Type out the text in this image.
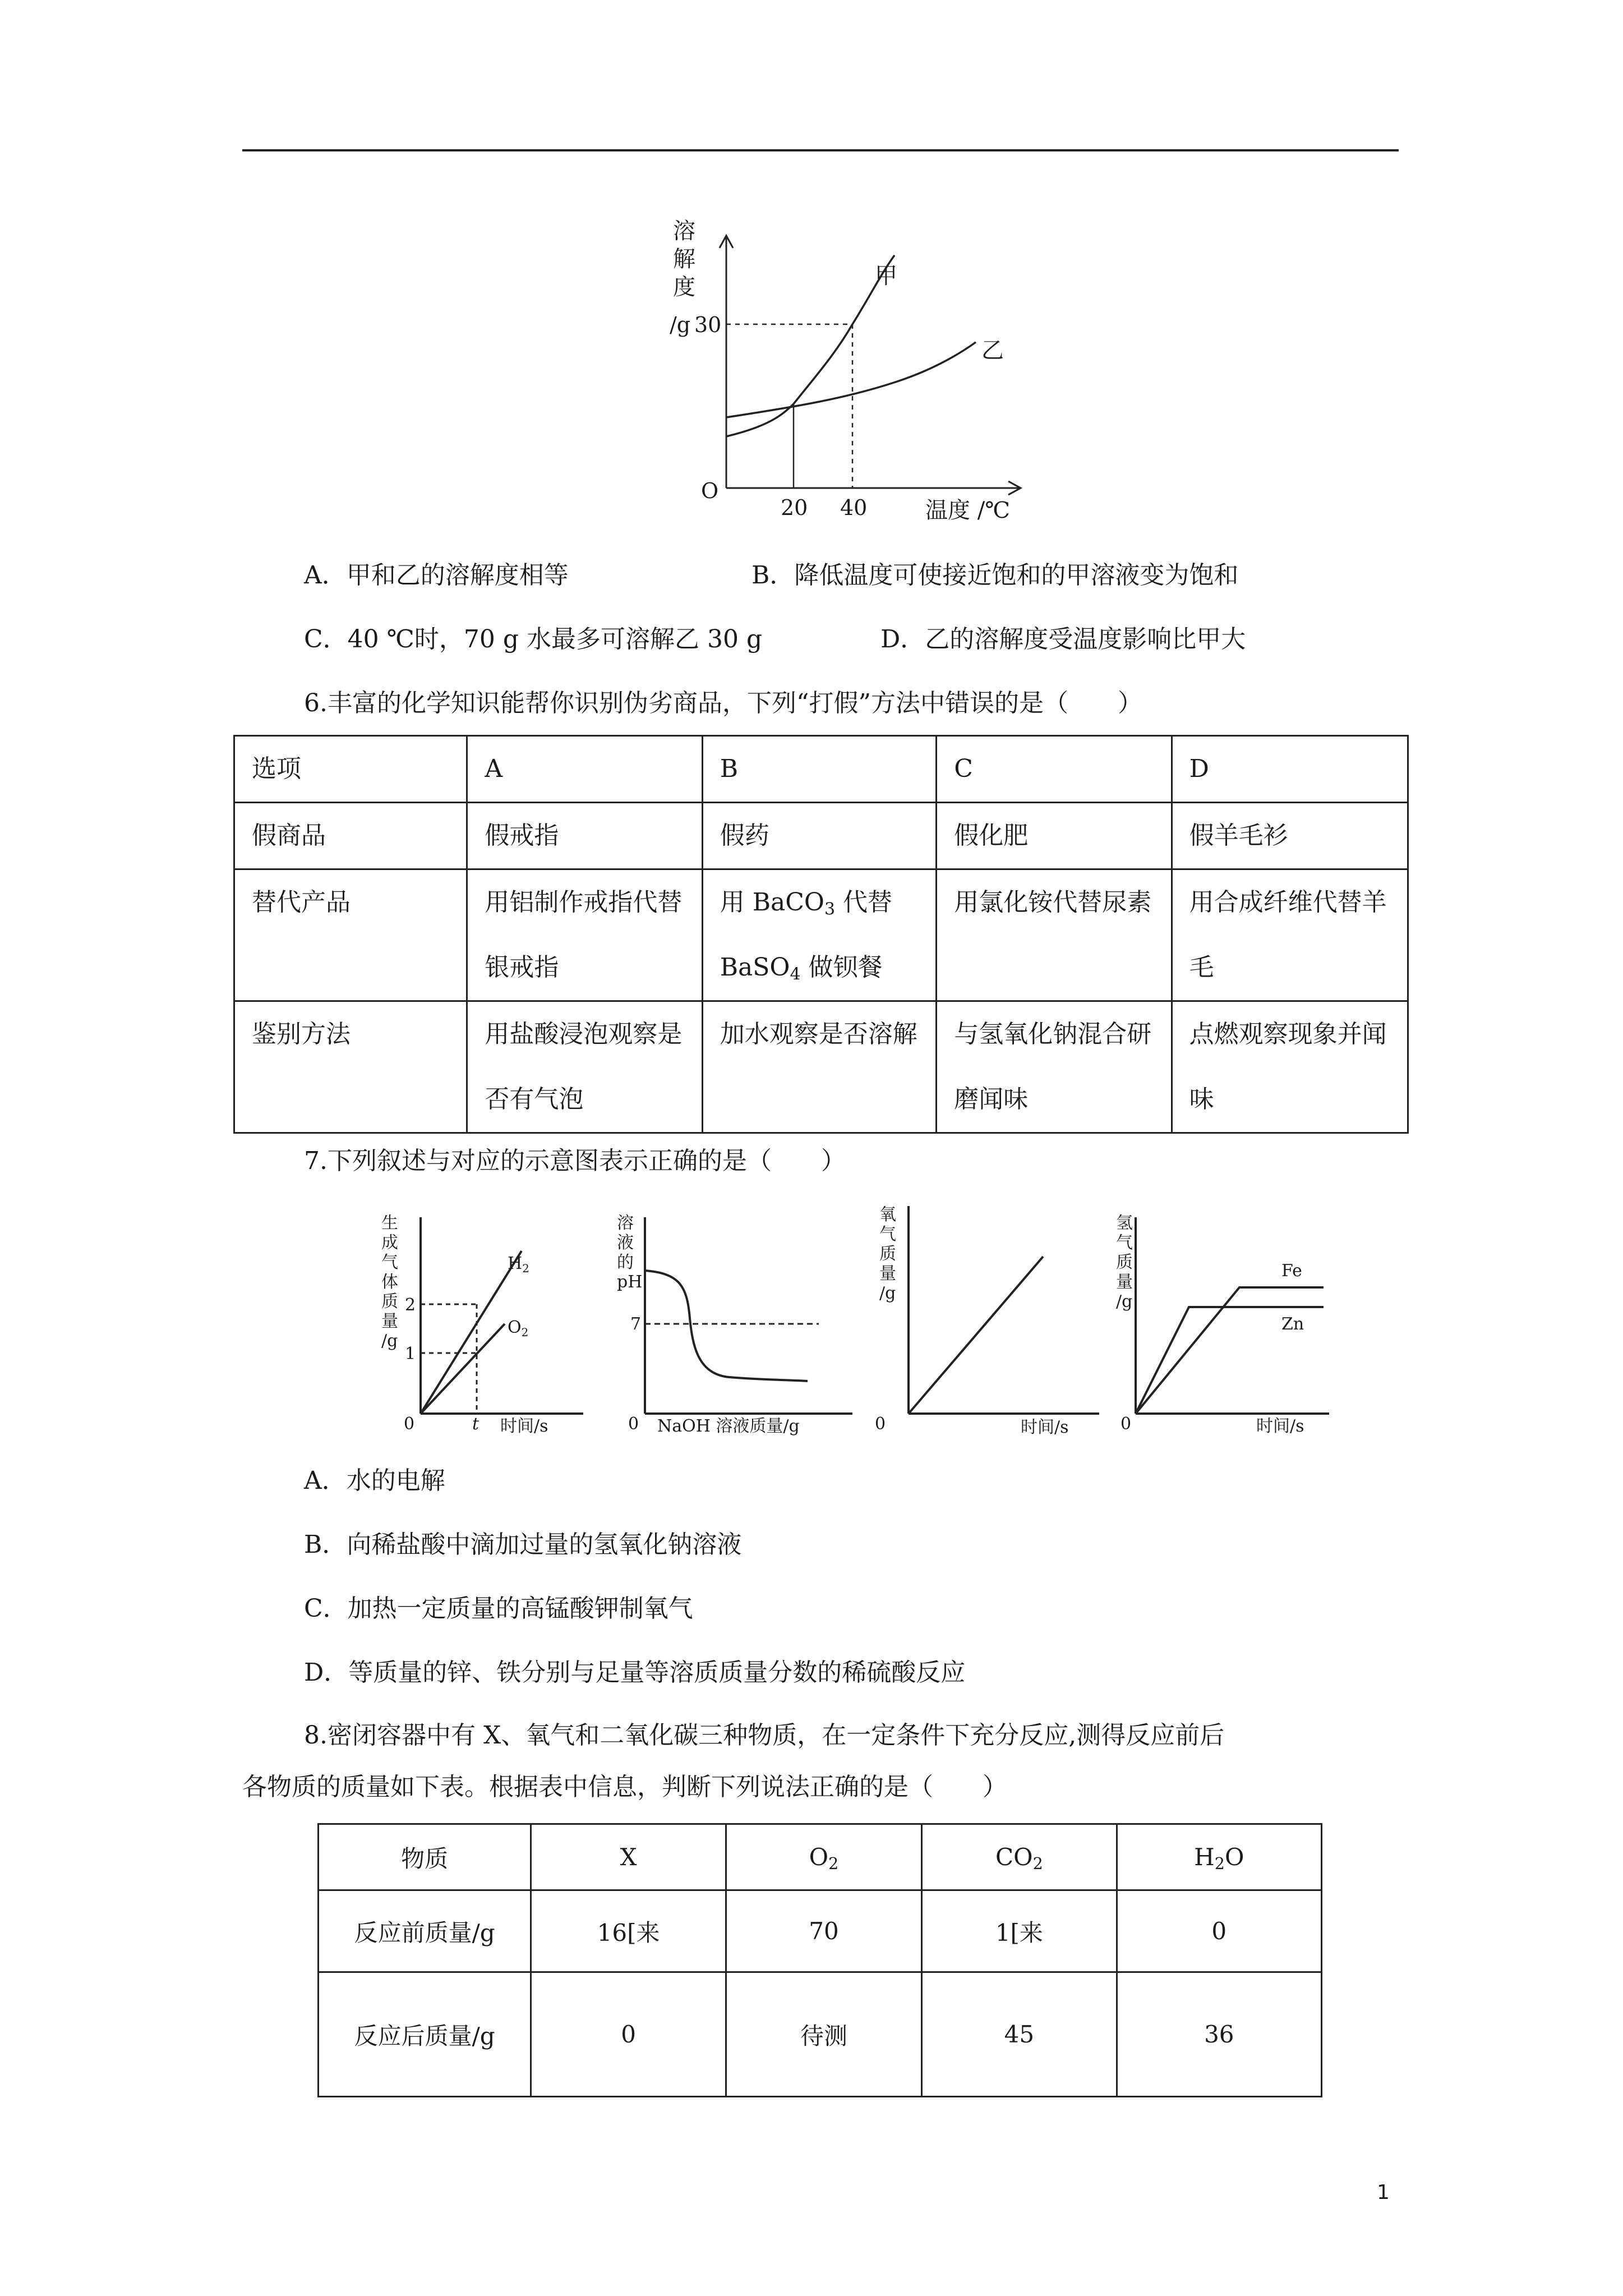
溶
解
度
/g 30
O
20 40	温度 /℃
甲
乙
A．甲和乙的溶解度相等	B．降低温度可使接近饱和的甲溶液变为饱和
C．40 ℃时，70 g 水最多可溶解乙 30 g	D．乙的溶解度受温度影响比甲大
6.丰富的化学知识能帮你识别伪劣商品，下列“打假”方法中错误的是（　　）
选项	A	B	C	D

假商品	假戒指	假药	假化肥	假羊毛衫

替代产品	用铝制作戒指代替银戒指	用 BaCO$_3$ 代替 BaSO$_4$ 做钡餐	用氯化铵代替尿素	用合成纤维代替羊毛

鉴别方法	用盐酸浸泡观察是否有气泡	加水观察是否溶解	与氢氧化钠混合研磨闻味	点燃观察现象并闻味
7.下列叙述与对应的示意图表示正确的是（　　）
生
成
气
体
质
量
/g
2
1
$H_2$
$O_2$
0	t 时间/s
溶
液
的
pH
7
0 NaOH 溶液质量/g
氧
气
质
量
/g
0	时间/s
氢
气
质
量
/g
Fe
Zn
0	时间/s
A．水的电解
B．向稀盐酸中滴加过量的氢氧化钠溶液
C．加热一定质量的高锰酸钾制氧气
D．等质量的锌、铁分别与足量等溶质质量分数的稀硫酸反应
8.密闭容器中有 X、氧气和二氧化碳三种物质，在一定条件下充分反应,测得反应前后
各物质的质量如下表。根据表中信息，判断下列说法正确的是（　　）
物质	X	$O_2$	$CO_2$	$H_2O$
反应前质量/g	16[来	70	1[来	0
反应后质量/g	0	待测	45	36
1
